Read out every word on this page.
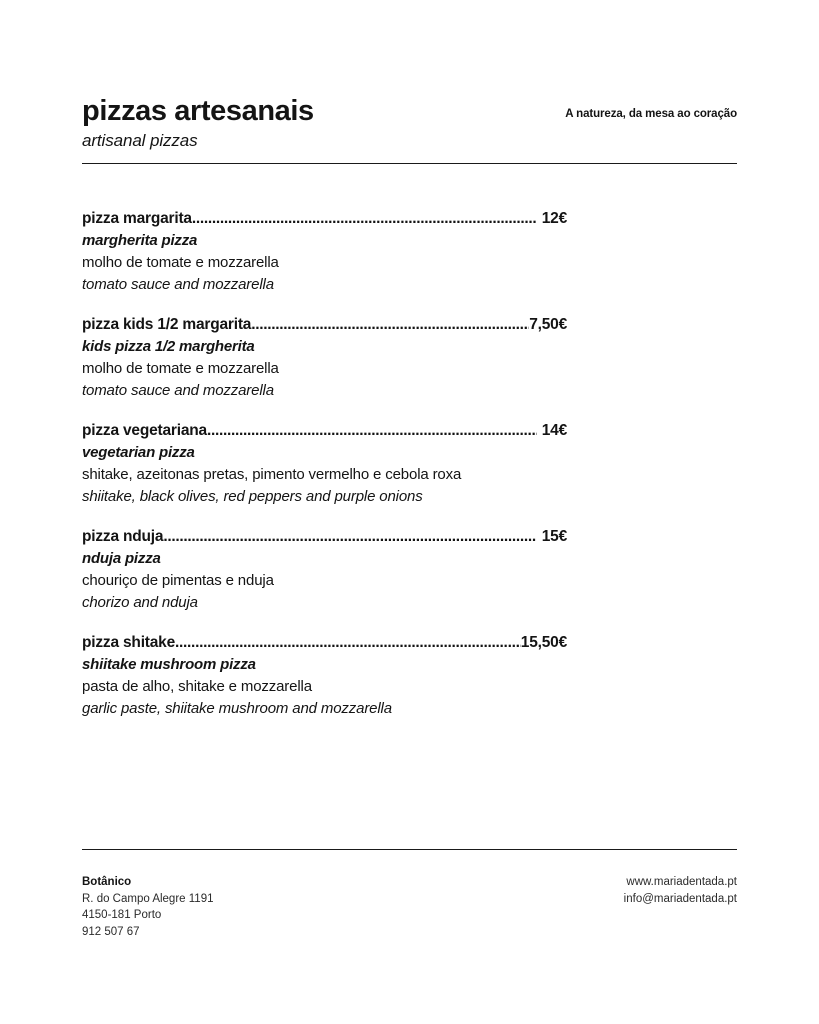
pizzas artesanais
artisanal pizzas
A natureza, da mesa ao coração
pizza margarita .....	12€
margherita pizza
molho de tomate e mozzarella
tomato sauce and mozzarella
pizza kids 1/2 margarita .....	7,50€
kids pizza 1/2 margherita
molho de tomate e mozzarella
tomato sauce and mozzarella
pizza vegetariana .....	14€
vegetarian pizza
shitake, azeitonas pretas, pimento vermelho e cebola roxa
shiitake, black olives, red peppers and purple onions
pizza nduja .....	15€
nduja pizza
chouriço de pimentas e nduja
chorizo and nduja
pizza shitake .....	15,50€
shiitake mushroom pizza
pasta de alho, shitake e mozzarella
garlic paste, shiitake mushroom and mozzarella
Botânico
R. do Campo Alegre 1191
4150-181 Porto
912 507 67
www.mariadentada.pt
info@mariadentada.pt
